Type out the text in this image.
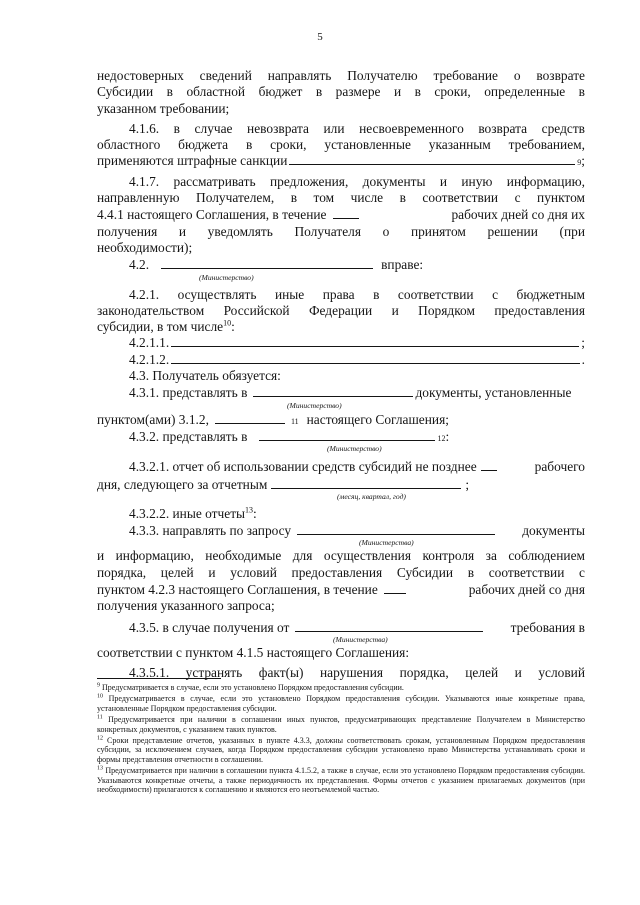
5
недостоверных сведений направлять Получателю требование о возврате
Субсидии в областной бюджет в размере и в сроки, определенные в
указанном требовании;
4.1.6. в случае невозврата или несвоевременного возврата средств
областного бюджета в сроки, установленные указанным требованием,
применяются штрафные санкции	9 ;
4.1.7. рассматривать предложения, документы и иную информацию,
направленную Получателем, в том числе в соответствии с пунктом
4.4.1 настоящего Соглашения, в течение	рабочих дней со дня их
получения и уведомлять Получателя о принятом решении (при
необходимости);
4.2.	вправе:
(Министерство)
4.2.1. осуществлять иные права в соответствии с бюджетным
законодательством Российской Федерации и Порядком предоставления
субсидии, в том числе$^{10}$:
4.2.1.1.	;
4.2.1.2.	.
4.3. Получатель обязуется:
4.3.1. представлять в	документы, установленные
(Министерство)
пунктом(ами) 3.1.2,	11 настоящего Соглашения;
4.3.2. представлять в	12 :
(Министерство)
4.3.2.1. отчет об использовании средств субсидий не позднее	рабочего
дня, следующего за отчетным	;
(месяц, квартал, год)
4.3.2.2. иные отчеты$^{13}$:
4.3.3. направлять по запросу	документы
(Министерства)
и информацию, необходимые для осуществления контроля за соблюдением
порядка, целей и условий предоставления Субсидии в соответствии с
пунктом 4.2.3 настоящего Соглашения, в течение	рабочих дней со дня
получения указанного запроса;
4.3.5. в случае получения от	требования в
(Министерства)
соответствии с пунктом 4.1.5 настоящего Соглашения:
4.3.5.1. устранять факт(ы) нарушения порядка, целей и условий

$^9$ Предусматривается в случае, если это установлено Порядком предоставления субсидии.

$^{10}$ Предусматривается в случае, если это установлено Порядком предоставления субсидии. Указываются иные конкретные права, установленные Порядком предоставления субсидии.

$^{11}$ Предусматривается при наличии в соглашении иных пунктов, предусматривающих представление Получателем в Министерство конкретных документов, с указанием таких пунктов.

$^{12}$ Сроки представление отчетов, указанных в пункте 4.3.3, должны соответствовать срокам, установленным Порядком предоставления субсидии, за исключением случаев, когда Порядком предоставления субсидии установлено право Министерства устанавливать сроки и формы представления отчетности в соглашении.

$^{13}$ Предусматривается при наличии в соглашении пункта 4.1.5.2, а также в случае, если это установлено Порядком предоставления субсидии. Указываются конкретные отчеты, а также периодичность их представления. Формы отчетов с указанием прилагаемых документов (при необходимости) прилагаются к соглашению и являются его неотъемлемой частью.
